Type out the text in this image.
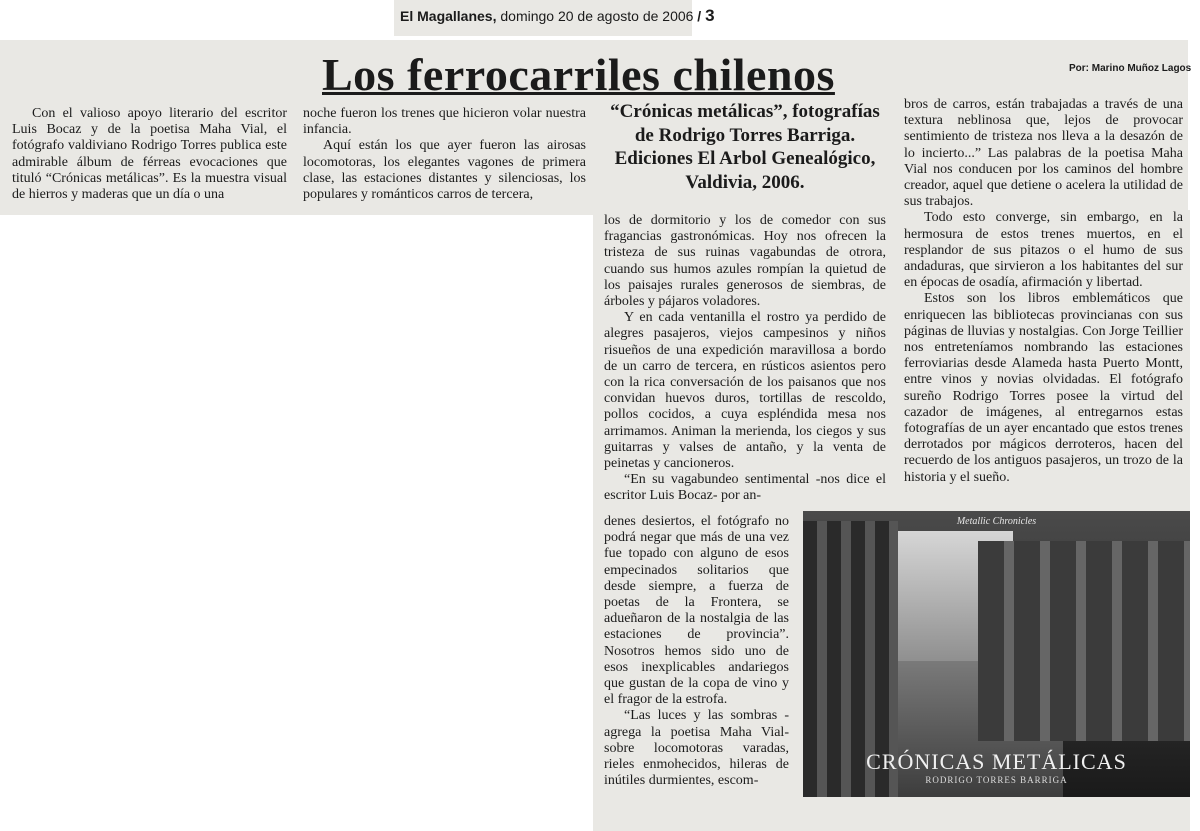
El Magallanes, domingo 20 de agosto de 2006 / 3
Los ferrocarriles chilenos	Por: Marino Muñoz Lagos

Con el valioso apoyo literario del escritor Luis Bocaz y de la poetisa Maha Vial, el fotógrafo valdiviano Rodrigo Torres publica este admirable álbum de férreas evocaciones que tituló “Crónicas metálicas”. Es la muestra visual de hierros y maderas que un día o una

noche fueron los trenes que hicieron volar nuestra infancia.

Aquí están los que ayer fueron las airosas locomotoras, los elegantes vagones de primera clase, las estaciones distantes y silenciosas, los populares y románticos carros de tercera,

“Crónicas metálicas”, fotografías de Rodrigo Torres Barriga. Ediciones El Arbol Genealógico, Valdivia, 2006.

los de dormitorio y los de comedor con sus fragancias gastronómicas. Hoy nos ofrecen la tristeza de sus ruinas vagabundas de otrora, cuando sus humos azules rompían la quietud de los paisajes rurales generosos de siembras, de árboles y pájaros voladores.

Y en cada ventanilla el rostro ya perdido de alegres pasajeros, viejos campesinos y niños risueños de una expedición maravillosa a bordo de un carro de tercera, en rústicos asientos pero con la rica conversación de los paisanos que nos convidan huevos duros, tortillas de rescoldo, pollos cocidos, a cuya espléndida mesa nos arrimamos. Animan la merienda, los ciegos y sus guitarras y valses de antaño, y la venta de peinetas y cancioneros.

“En su vagabundeo sentimental -nos dice el escritor Luis Bocaz- por an-

denes desiertos, el fotógrafo no podrá negar que más de una vez fue topado con alguno de esos empecinados solitarios que desde siempre, a fuerza de poetas de la Frontera, se adueñaron de la nostalgia de las estaciones de provincia”. Nosotros hemos sido uno de esos inexplicables andariegos que gustan de la copa de vino y el fragor de la estrofa.

“Las luces y las sombras -agrega la poetisa Maha Vial- sobre locomotoras varadas, rieles enmohecidos, hileras de inútiles durmientes, escom-

bros de carros, están trabajadas a través de una textura neblinosa que, lejos de provocar sentimiento de tristeza nos lleva a la desazón de lo incierto...” Las palabras de la poetisa Maha Vial nos conducen por los caminos del hombre creador, aquel que detiene o acelera la utilidad de sus trabajos.

Todo esto converge, sin embargo, en la hermosura de estos trenes muertos, en el resplandor de sus pitazos o el humo de sus andaduras, que sirvieron a los habitantes del sur en épocas de osadía, afirmación y libertad.

Estos son los libros emblemáticos que enriquecen las bibliotecas provincianas con sus páginas de lluvias y nostalgias. Con Jorge Teillier nos entreteníamos nombrando las estaciones ferroviarias desde Alameda hasta Puerto Montt, entre vinos y novias olvidadas. El fotógrafo sureño Rodrigo Torres posee la virtud del cazador de imágenes, al entregarnos estas fotografías de un ayer encantado que estos trenes derrotados por mágicos derroteros, hacen del recuerdo de los antiguos pasajeros, un trozo de la historia y el sueño.

Metallic Chronicles
CRÓNICAS METÁLICAS
RODRIGO TORRES BARRIGA
